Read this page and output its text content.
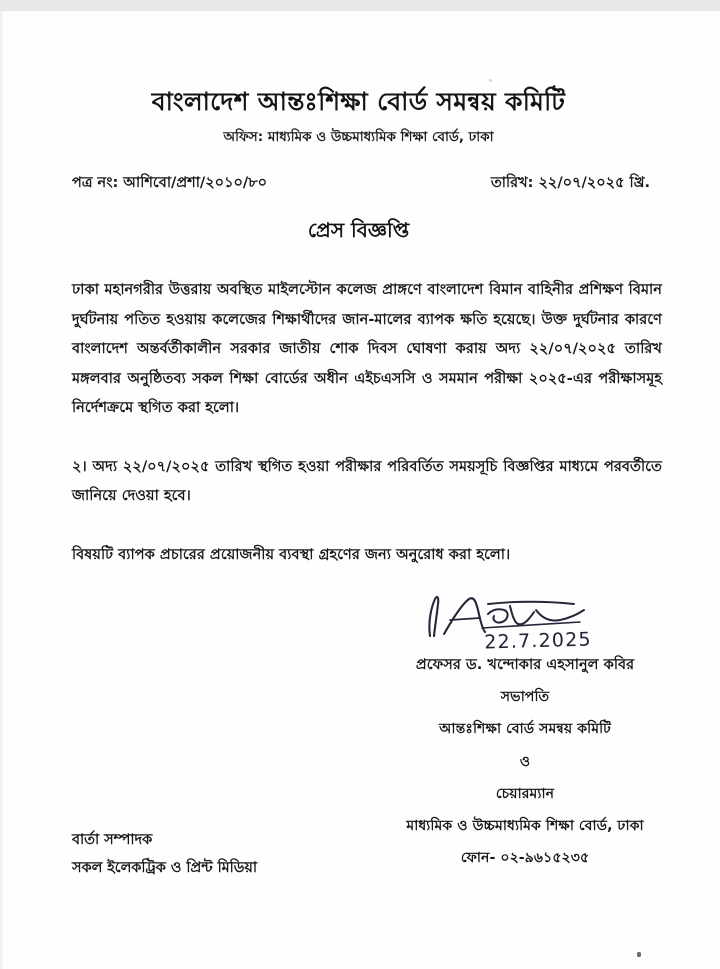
বাংলাদেশ আন্তঃশিক্ষা বোর্ড সমন্বয় কমিটি
অফিস: মাধ্যমিক ও উচ্চমাধ্যমিক শিক্ষা বোর্ড, ঢাকা
পত্র নং: আশিবো/প্রশা/২০১০/৮০	তারিখ: ২২/০৭/২০২৫ খ্রি.
প্রেস বিজ্ঞপ্তি

ঢাকা মহানগরীর উত্তরায় অবস্থিত মাইলস্টোন কলেজ প্রাঙ্গণে বাংলাদেশ বিমান বাহিনীর প্রশিক্ষণ বিমান দুর্ঘটনায় পতিত হওয়ায় কলেজের শিক্ষার্থীদের জান-মালের ব্যাপক ক্ষতি হয়েছে। উক্ত দুর্ঘটনার কারণে বাংলাদেশ অন্তর্বর্তীকালীন সরকার জাতীয় শোক দিবস ঘোষণা করায় অদ্য ২২/০৭/২০২৫ তারিখ মঙ্গলবার অনুষ্ঠিতব্য সকল শিক্ষা বোর্ডের অধীন এইচএসসি ও সমমান পরীক্ষা ২০২৫-এর পরীক্ষাসমূহ নির্দেশক্রমে স্থগিত করা হলো।

২। অদ্য ২২/০৭/২০২৫ তারিখ স্থগিত হওয়া পরীক্ষার পরিবর্তিত সময়সূচি বিজ্ঞপ্তির মাধ্যমে পরবর্তীতে জানিয়ে দেওয়া হবে।

বিষয়টি ব্যাপক প্রচারের প্রয়োজনীয় ব্যবস্থা গ্রহণের জন্য অনুরোধ করা হলো।

22.7.2025
প্রফেসর ড. খন্দোকার এহসানুল কবির
সভাপতি
আন্তঃশিক্ষা বোর্ড সমন্বয় কমিটি
ও
চেয়ারম্যান
মাধ্যমিক ও উচ্চমাধ্যমিক শিক্ষা বোর্ড, ঢাকা
ফোন- ০২-৯৬১৫২৩৫
বার্তা সম্পাদক
সকল ইলেকট্রিক ও প্রিন্ট মিডিয়া
